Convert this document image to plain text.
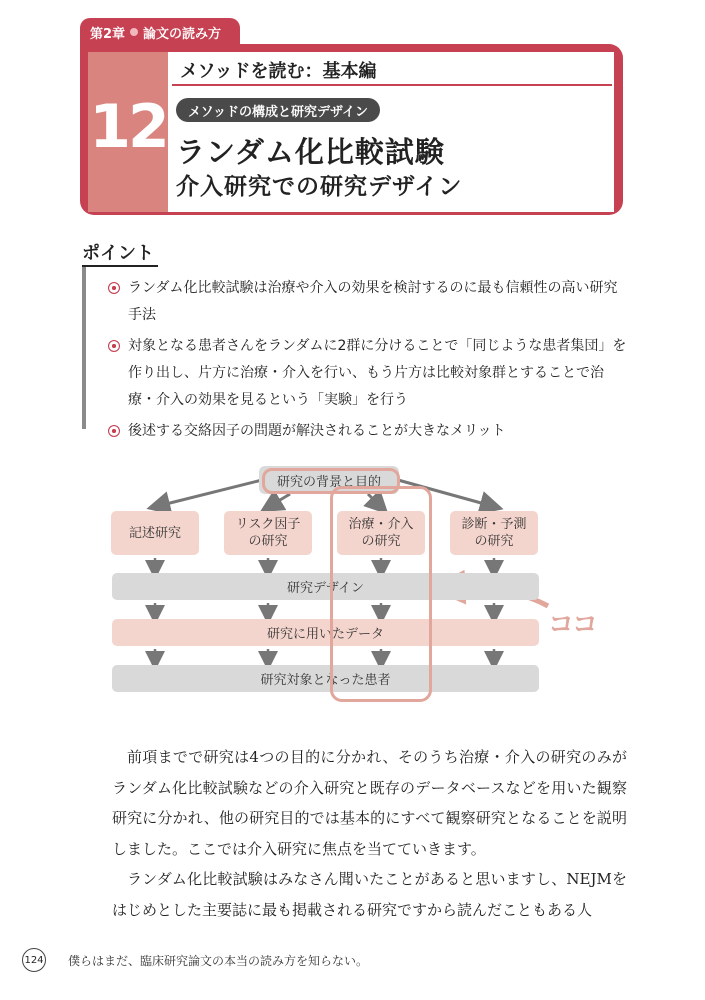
第2章 論文の読み方
12
メソッドを読む：基本編
メソッドの構成と研究デザイン
ランダム化比較試験
介入研究での研究デザイン
難易度　★★★☆☆
ポイント
ランダム化比較試験は治療や介入の効果を検討するのに最も信頼性の高い研究手法
対象となる患者さんをランダムに2群に分けることで「同じような患者集団」を作り出し、片方に治療・介入を行い、もう片方は比較対象群とすることで治療・介入の効果を見るという「実験」を行う
後述する交絡因子の問題が解決されることが大きなメリット
研究の背景と目的
記述研究
リスク因子
の研究
治療・介入
の研究
診断・予測
の研究
研究デザイン
研究に用いたデータ
研究対象となった患者
ココ

前項までで研究は4つの目的に分かれ、そのうち治療・介入の研究のみがランダム化比較試験などの介入研究と既存のデータベースなどを用いた観察研究に分かれ、他の研究目的では基本的にすべて観察研究となることを説明しました。ここでは介入研究に焦点を当てていきます。

ランダム化比較試験はみなさん聞いたことがあると思いますし、NEJMをはじめとした主要誌に最も掲載される研究ですから読んだこともある人

124 僕らはまだ、臨床研究論文の本当の読み方を知らない。
